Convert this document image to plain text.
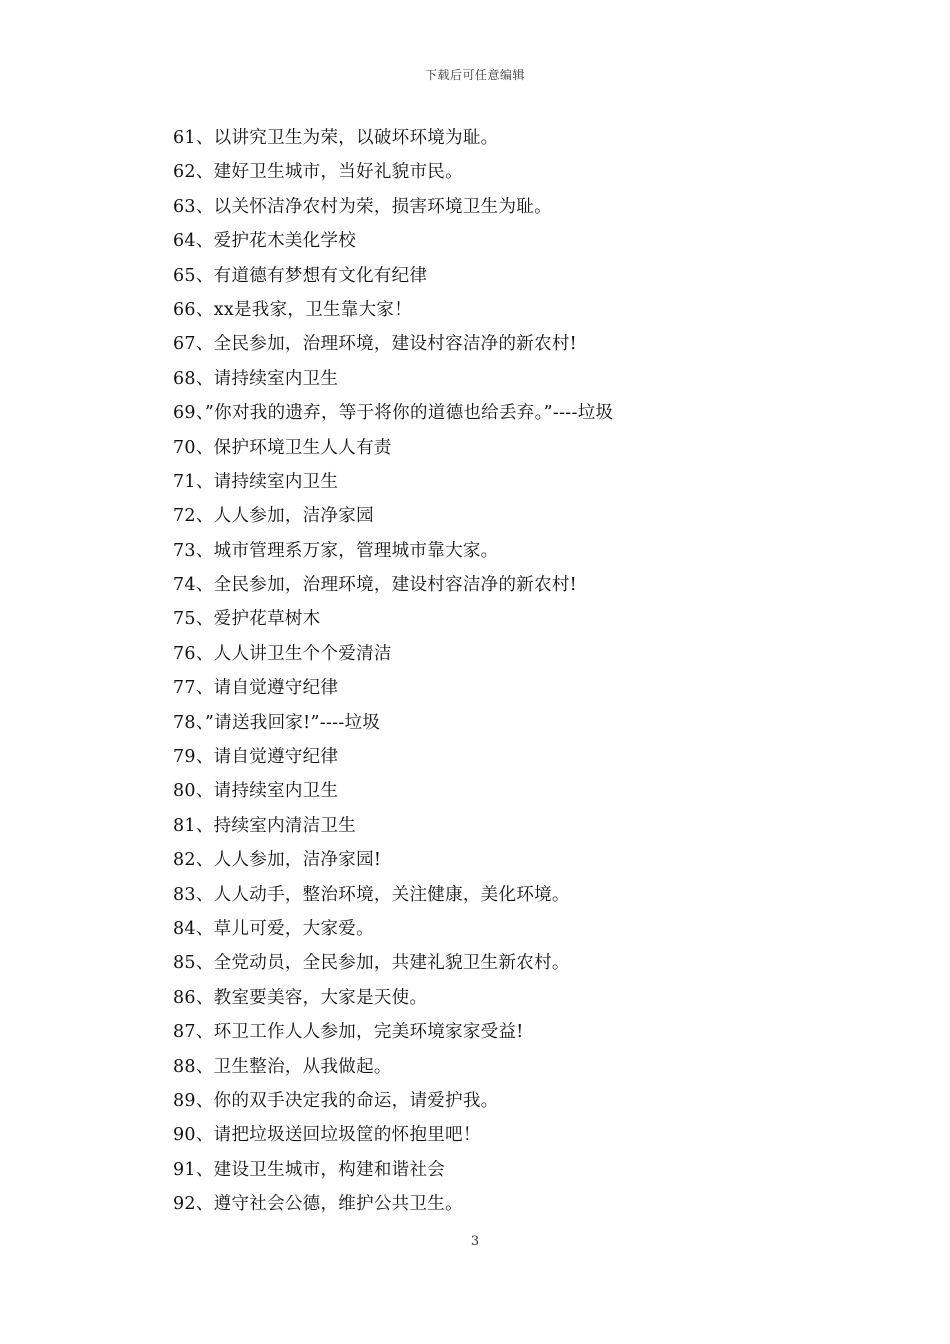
下载后可任意编辑
61、以讲究卫生为荣，以破坏环境为耻。
62、建好卫生城市，当好礼貌市民。
63、以关怀洁净农村为荣，损害环境卫生为耻。
64、爱护花木美化学校
65、有道德有梦想有文化有纪律
66、xx是我家，卫生靠大家！
67、全民参加，治理环境，建设村容洁净的新农村!
68、请持续室内卫生
69、”你对我的遗弃，等于将你的道德也给丢弃。”----垃圾
70、保护环境卫生人人有责
71、请持续室内卫生
72、人人参加，洁净家园
73、城市管理系万家，管理城市靠大家。
74、全民参加，治理环境，建设村容洁净的新农村!
75、爱护花草树木
76、人人讲卫生个个爱清洁
77、请自觉遵守纪律
78、”请送我回家!”----垃圾
79、请自觉遵守纪律
80、请持续室内卫生
81、持续室内清洁卫生
82、人人参加，洁净家园!
83、人人动手，整治环境，关注健康，美化环境。
84、草儿可爱，大家爱。
85、全党动员，全民参加，共建礼貌卫生新农村。
86、教室要美容，大家是天使。
87、环卫工作人人参加，完美环境家家受益!
88、卫生整治，从我做起。
89、你的双手决定我的命运，请爱护我。
90、请把垃圾送回垃圾筐的怀抱里吧！
91、建设卫生城市，构建和谐社会
92、遵守社会公德，维护公共卫生。
3
